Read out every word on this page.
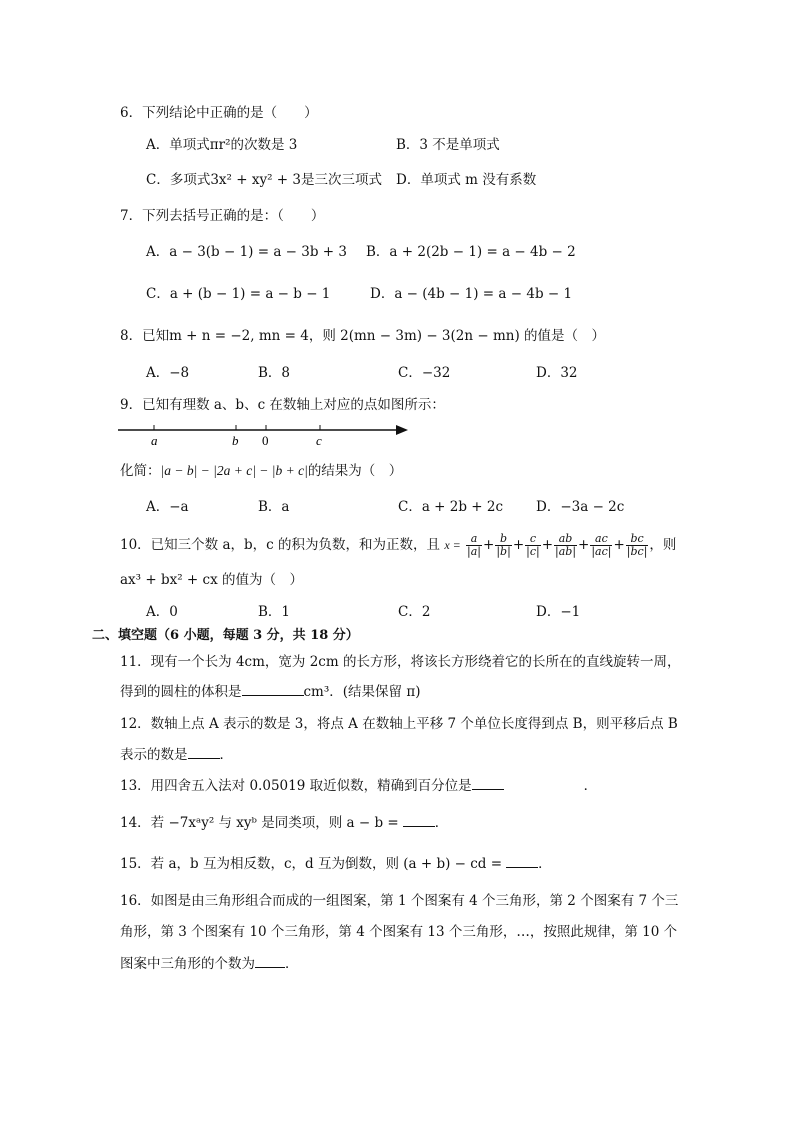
6．下列结论中正确的是（　　）
A．单项式πr²的次数是 3	B．3 不是单项式
C．多项式3x² + xy² + 3是三次三项式 D．单项式 m 没有系数
7．下列去括号正确的是：（　　）
A．a − 3(b − 1) = a − 3b + 3 B．a + 2(2b − 1) = a − 4b − 2
C．a + (b − 1) = a − b − 1	D．a − (4b − 1) = a − 4b − 1
8．已知m + n = −2, mn = 4，则 2(mn − 3m) − 3(2n − mn) 的值是（　）
A．−8	B．8	C．−32	D．32
9．已知有理数 a、b、c 在数轴上对应的点如图所示：
a	b 0	c
化简：|a − b| − |2a + c| − |b + c|的结果为（　）
A．−a	B．a	C．a + 2b + 2c D．−3a − 2c
10．已知三个数 a，b，c 的积为负数，和为正数，且 $x = \frac{a}{|a|} + \frac{b}{|b|} + \frac{c}{|c|} + \frac{ab}{|ab|} + \frac{ac}{|ac|} + \frac{bc}{|bc|}$ ，则
ax³ + bx² + cx 的值为（　）
A．0	B．1	C．2	D．−1
二、填空题（6 小题，每题 3 分，共 18 分）
11．现有一个长为 4cm，宽为 2cm 的长方形，将该长方形绕着它的长所在的直线旋转一周，
得到的圆柱的体积是	cm³．(结果保留 π)
12．数轴上点 A 表示的数是 3，将点 A 在数轴上平移 7 个单位长度得到点 B，则平移后点 B
表示的数是 ．
13．用四舍五入法对 0.05019 取近似数，精确到百分位是	．
14．若 −7xᵃy² 与 xyᵇ 是同类项，则 a − b =	．
15．若 a，b 互为相反数，c，d 互为倒数，则 (a + b) − cd =	．
16．如图是由三角形组合而成的一组图案，第 1 个图案有 4 个三角形，第 2 个图案有 7 个三
角形，第 3 个图案有 10 个三角形，第 4 个图案有 13 个三角形，…，按照此规律，第 10 个
图案中三角形的个数为 ．
